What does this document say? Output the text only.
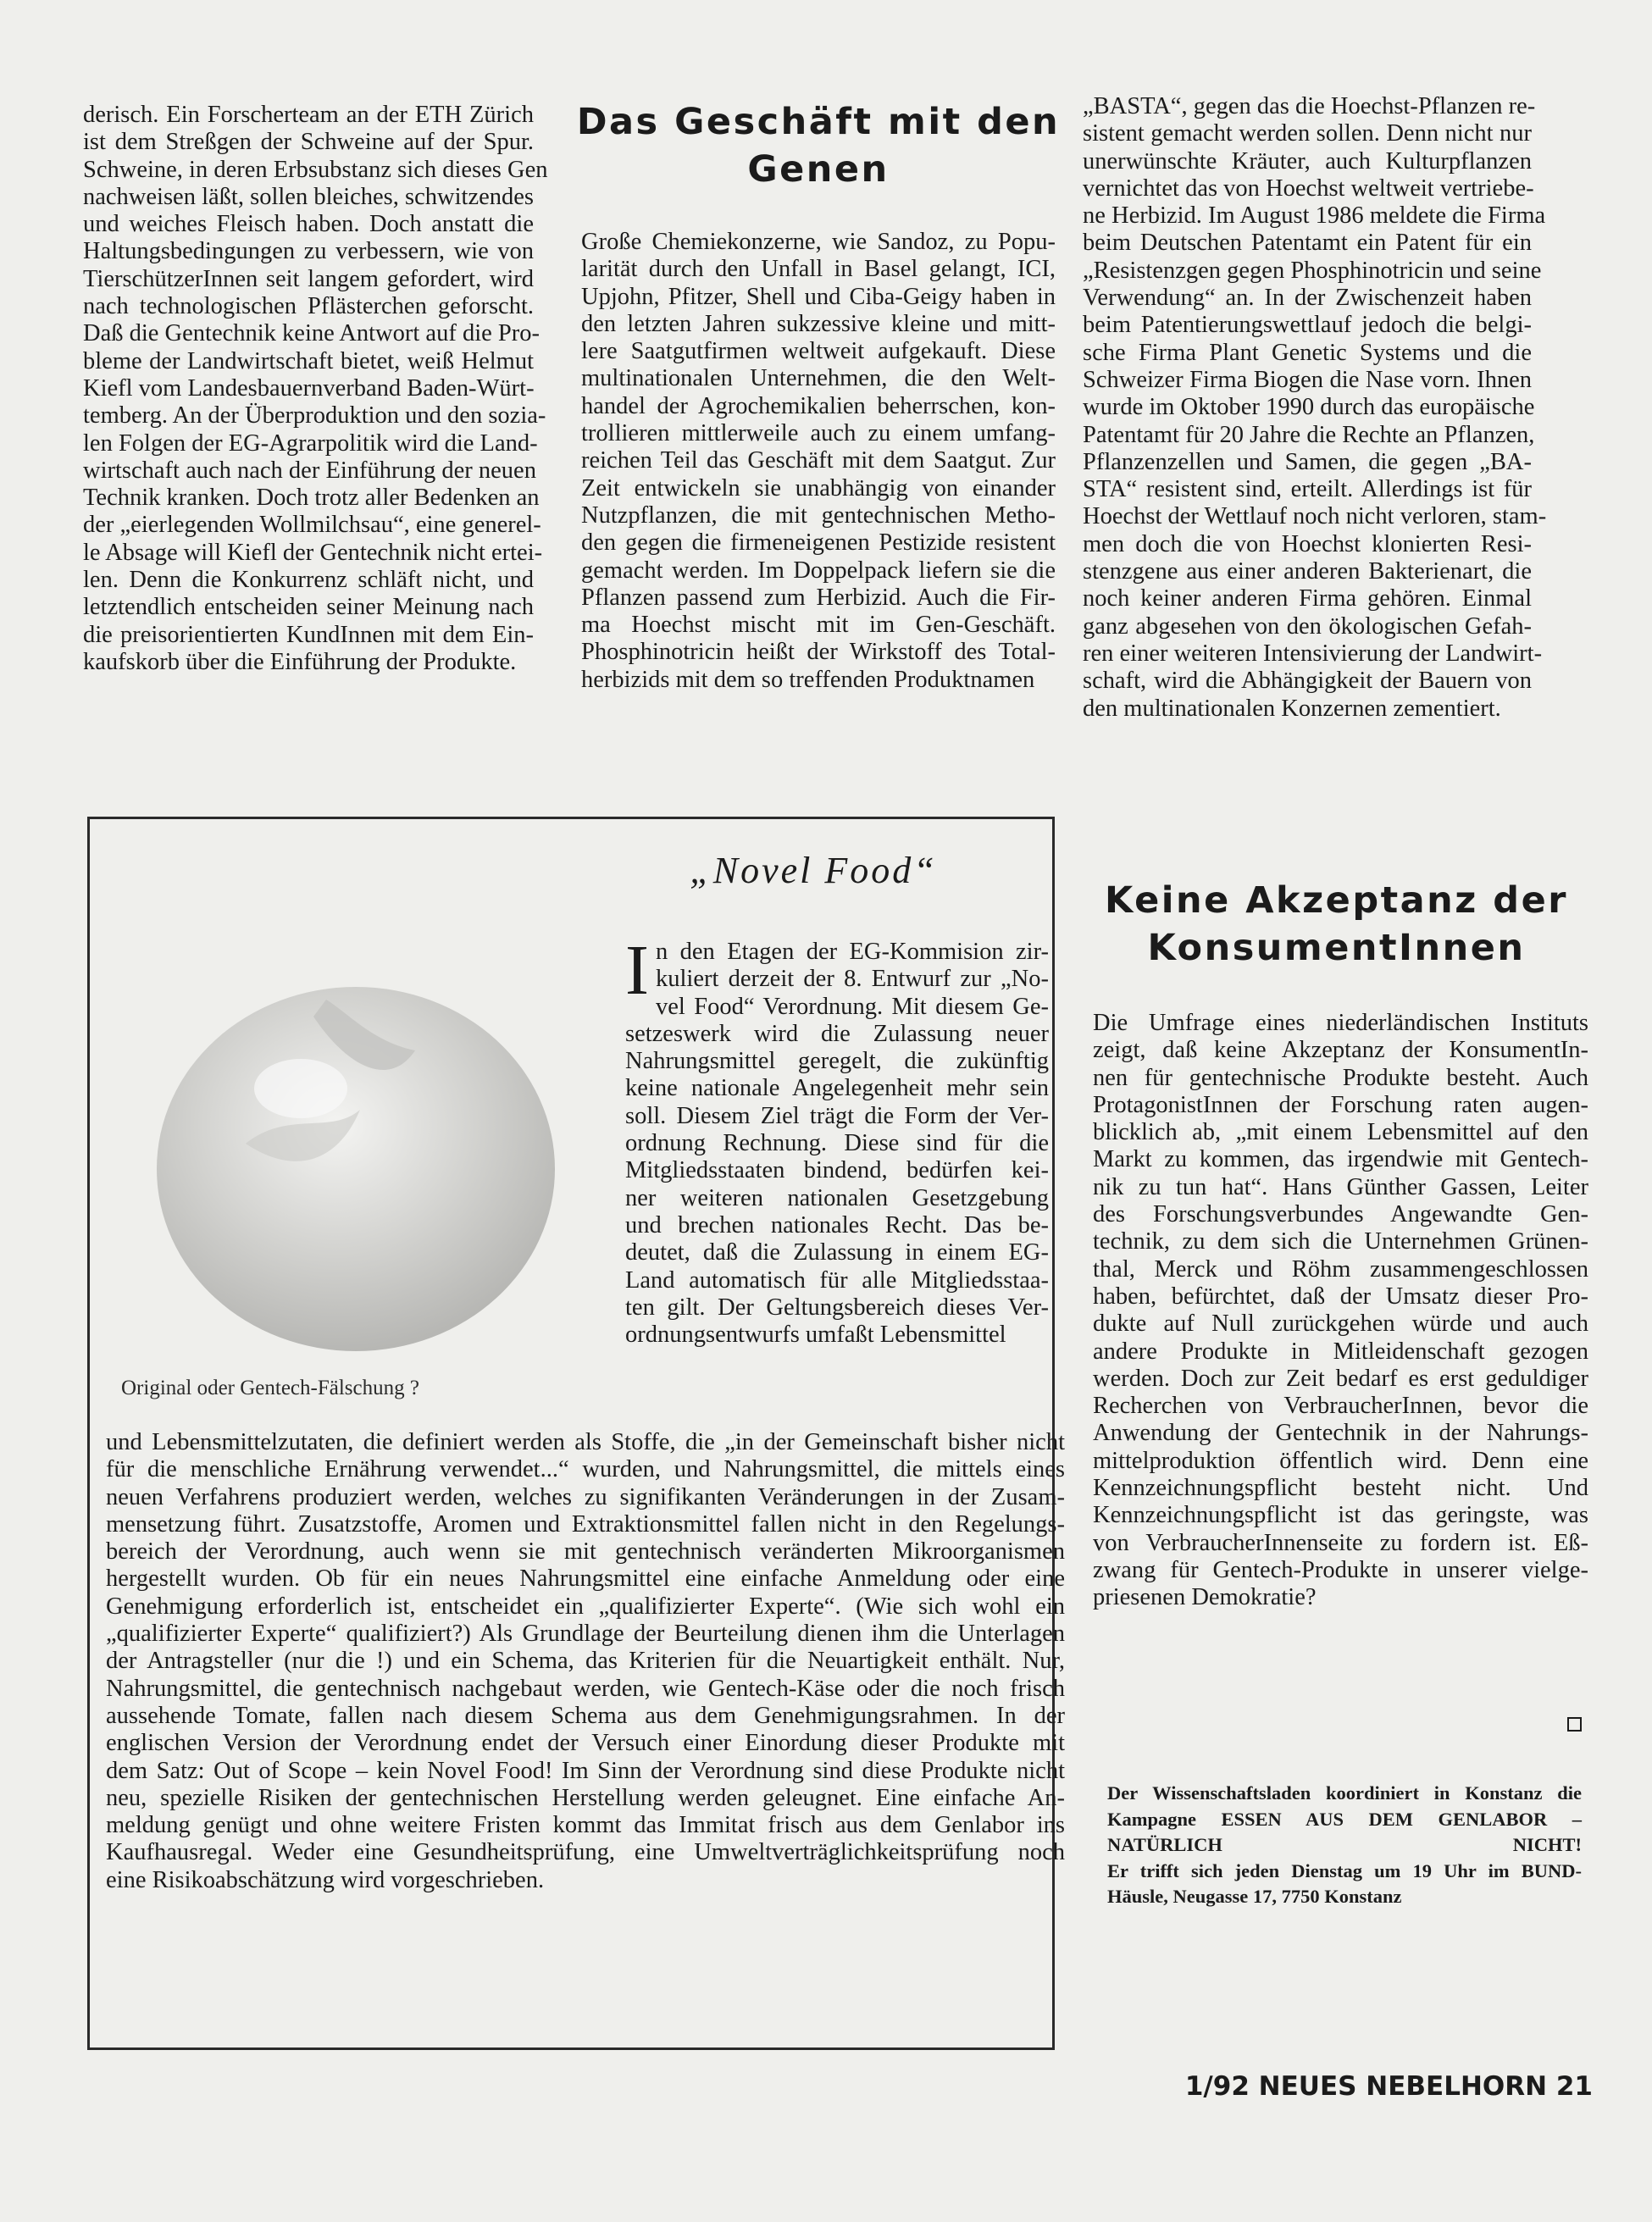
derisch. Ein Forscherteam an der ETH Zürich
ist dem Streßgen der Schweine auf der Spur.
Schweine, in deren Erbsubstanz sich dieses Gen
nachweisen läßt, sollen bleiches, schwitzendes
und weiches Fleisch haben. Doch anstatt die
Haltungsbedingungen zu verbessern, wie von
TierschützerInnen seit langem gefordert, wird
nach technologischen Pflästerchen geforscht.
Daß die Gentechnik keine Antwort auf die Pro-
bleme der Landwirtschaft bietet, weiß Helmut
Kiefl vom Landesbauernverband Baden-Würt-
temberg. An der Überproduktion und den sozia-
len Folgen der EG-Agrarpolitik wird die Land-
wirtschaft auch nach der Einführung der neuen
Technik kranken. Doch trotz aller Bedenken an
der „eierlegenden Wollmilchsau“, eine generel-
le Absage will Kiefl der Gentechnik nicht ertei-
len. Denn die Konkurrenz schläft nicht, und
letztendlich entscheiden seiner Meinung nach
die preisorientierten KundInnen mit dem Ein-
kaufskorb über die Einführung der Produkte.

Das Geschäft mit den Genen

Große Chemiekonzerne, wie Sandoz, zu Popu-
larität durch den Unfall in Basel gelangt, ICI,
Upjohn, Pfitzer, Shell und Ciba-Geigy haben in
den letzten Jahren sukzessive kleine und mitt-
lere Saatgutfirmen weltweit aufgekauft. Diese
multinationalen Unternehmen, die den Welt-
handel der Agrochemikalien beherrschen, kon-
trollieren mittlerweile auch zu einem umfang-
reichen Teil das Geschäft mit dem Saatgut. Zur
Zeit entwickeln sie unabhängig von einander
Nutzpflanzen, die mit gentechnischen Metho-
den gegen die firmeneigenen Pestizide resistent
gemacht werden. Im Doppelpack liefern sie die
Pflanzen passend zum Herbizid. Auch die Fir-
ma Hoechst mischt mit im Gen-Geschäft.
Phosphinotricin heißt der Wirkstoff des Total-
herbizids mit dem so treffenden Produktnamen

„BASTA“, gegen das die Hoechst-Pflanzen re-
sistent gemacht werden sollen. Denn nicht nur
unerwünschte Kräuter, auch Kulturpflanzen
vernichtet das von Hoechst weltweit vertriebe-
ne Herbizid. Im August 1986 meldete die Firma
beim Deutschen Patentamt ein Patent für ein
„Resistenzgen gegen Phosphinotricin und seine
Verwendung“ an. In der Zwischenzeit haben
beim Patentierungswettlauf jedoch die belgi-
sche Firma Plant Genetic Systems und die
Schweizer Firma Biogen die Nase vorn. Ihnen
wurde im Oktober 1990 durch das europäische
Patentamt für 20 Jahre die Rechte an Pflanzen,
Pflanzenzellen und Samen, die gegen „BA-
STA“ resistent sind, erteilt. Allerdings ist für
Hoechst der Wettlauf noch nicht verloren, stam-
men doch die von Hoechst klonierten Resi-
stenzgene aus einer anderen Bakterienart, die
noch keiner anderen Firma gehören. Einmal
ganz abgesehen von den ökologischen Gefah-
ren einer weiteren Intensivierung der Landwirt-
schaft, wird die Abhängigkeit der Bauern von
den multinationalen Konzernen zementiert.

Keine Akzeptanz der KonsumentInnen

Die Umfrage eines niederländischen Instituts
zeigt, daß keine Akzeptanz der KonsumentIn-
nen für gentechnische Produkte besteht. Auch
ProtagonistInnen der Forschung raten augen-
blicklich ab, „mit einem Lebensmittel auf den
Markt zu kommen, das irgendwie mit Gentech-
nik zu tun hat“. Hans Günther Gassen, Leiter
des Forschungsverbundes Angewandte Gen-
technik, zu dem sich die Unternehmen Grünen-
thal, Merck und Röhm zusammengeschlossen
haben, befürchtet, daß der Umsatz dieser Pro-
dukte auf Null zurückgehen würde und auch
andere Produkte in Mitleidenschaft gezogen
werden. Doch zur Zeit bedarf es erst geduldiger
Recherchen von VerbraucherInnen, bevor die
Anwendung der Gentechnik in der Nahrungs-
mittelproduktion öffentlich wird. Denn eine
Kennzeichnungspflicht besteht nicht. Und
Kennzeichnungspflicht ist das geringste, was
von VerbraucherInnenseite zu fordern ist. Eß-
zwang für Gentech-Produkte in unserer vielge-
priesenen Demokratie?

„Novel Food“
Original oder Gentech-Fälschung ?
I n den Etagen der EG-Kommision zir-
kuliert derzeit der 8. Entwurf zur „No-
vel Food“ Verordnung. Mit diesem Ge-
setzeswerk wird die Zulassung neuer
Nahrungsmittel geregelt, die zukünftig
keine nationale Angelegenheit mehr sein
soll. Diesem Ziel trägt die Form der Ver-
ordnung Rechnung. Diese sind für die
Mitgliedsstaaten bindend, bedürfen kei-
ner weiteren nationalen Gesetzgebung
und brechen nationales Recht. Das be-
deutet, daß die Zulassung in einem EG-
Land automatisch für alle Mitgliedsstaa-
ten gilt. Der Geltungsbereich dieses Ver-
ordnungsentwurfs umfaßt Lebensmittel

und Lebensmittelzutaten, die definiert werden als Stoffe, die „in der Gemeinschaft bisher nicht
für die menschliche Ernährung verwendet...“ wurden, und Nahrungsmittel, die mittels eines
neuen Verfahrens produziert werden, welches zu signifikanten Veränderungen in der Zusam-
mensetzung führt. Zusatzstoffe, Aromen und Extraktionsmittel fallen nicht in den Regelungs-
bereich der Verordnung, auch wenn sie mit gentechnisch veränderten Mikroorganismen
hergestellt wurden. Ob für ein neues Nahrungsmittel eine einfache Anmeldung oder eine
Genehmigung erforderlich ist, entscheidet ein „qualifizierter Experte“. (Wie sich wohl ein
„qualifizierter Experte“ qualifiziert?) Als Grundlage der Beurteilung dienen ihm die Unterlagen
der Antragsteller (nur die !) und ein Schema, das Kriterien für die Neuartigkeit enthält. Nur,
Nahrungsmittel, die gentechnisch nachgebaut werden, wie Gentech-Käse oder die noch frisch
aussehende Tomate, fallen nach diesem Schema aus dem Genehmigungsrahmen. In der
englischen Version der Verordnung endet der Versuch einer Einordung dieser Produkte mit
dem Satz: Out of Scope – kein Novel Food! Im Sinn der Verordnung sind diese Produkte nicht
neu, spezielle Risiken der gentechnischen Herstellung werden geleugnet. Eine einfache An-
meldung genügt und ohne weitere Fristen kommt das Immitat frisch aus dem Genlabor ins
Kaufhausregal. Weder eine Gesundheitsprüfung, eine Umweltverträglichkeitsprüfung noch
eine Risikoabschätzung wird vorgeschrieben.

Der Wissenschaftsladen koordiniert in Konstanz die
Kampagne ESSEN AUS DEM GENLABOR –
NATÜRLICH NICHT!
Er trifft sich jeden Dienstag um 19 Uhr im BUND-
Häusle, Neugasse 17, 7750 Konstanz

1/92 NEUES NEBELHORN 21
